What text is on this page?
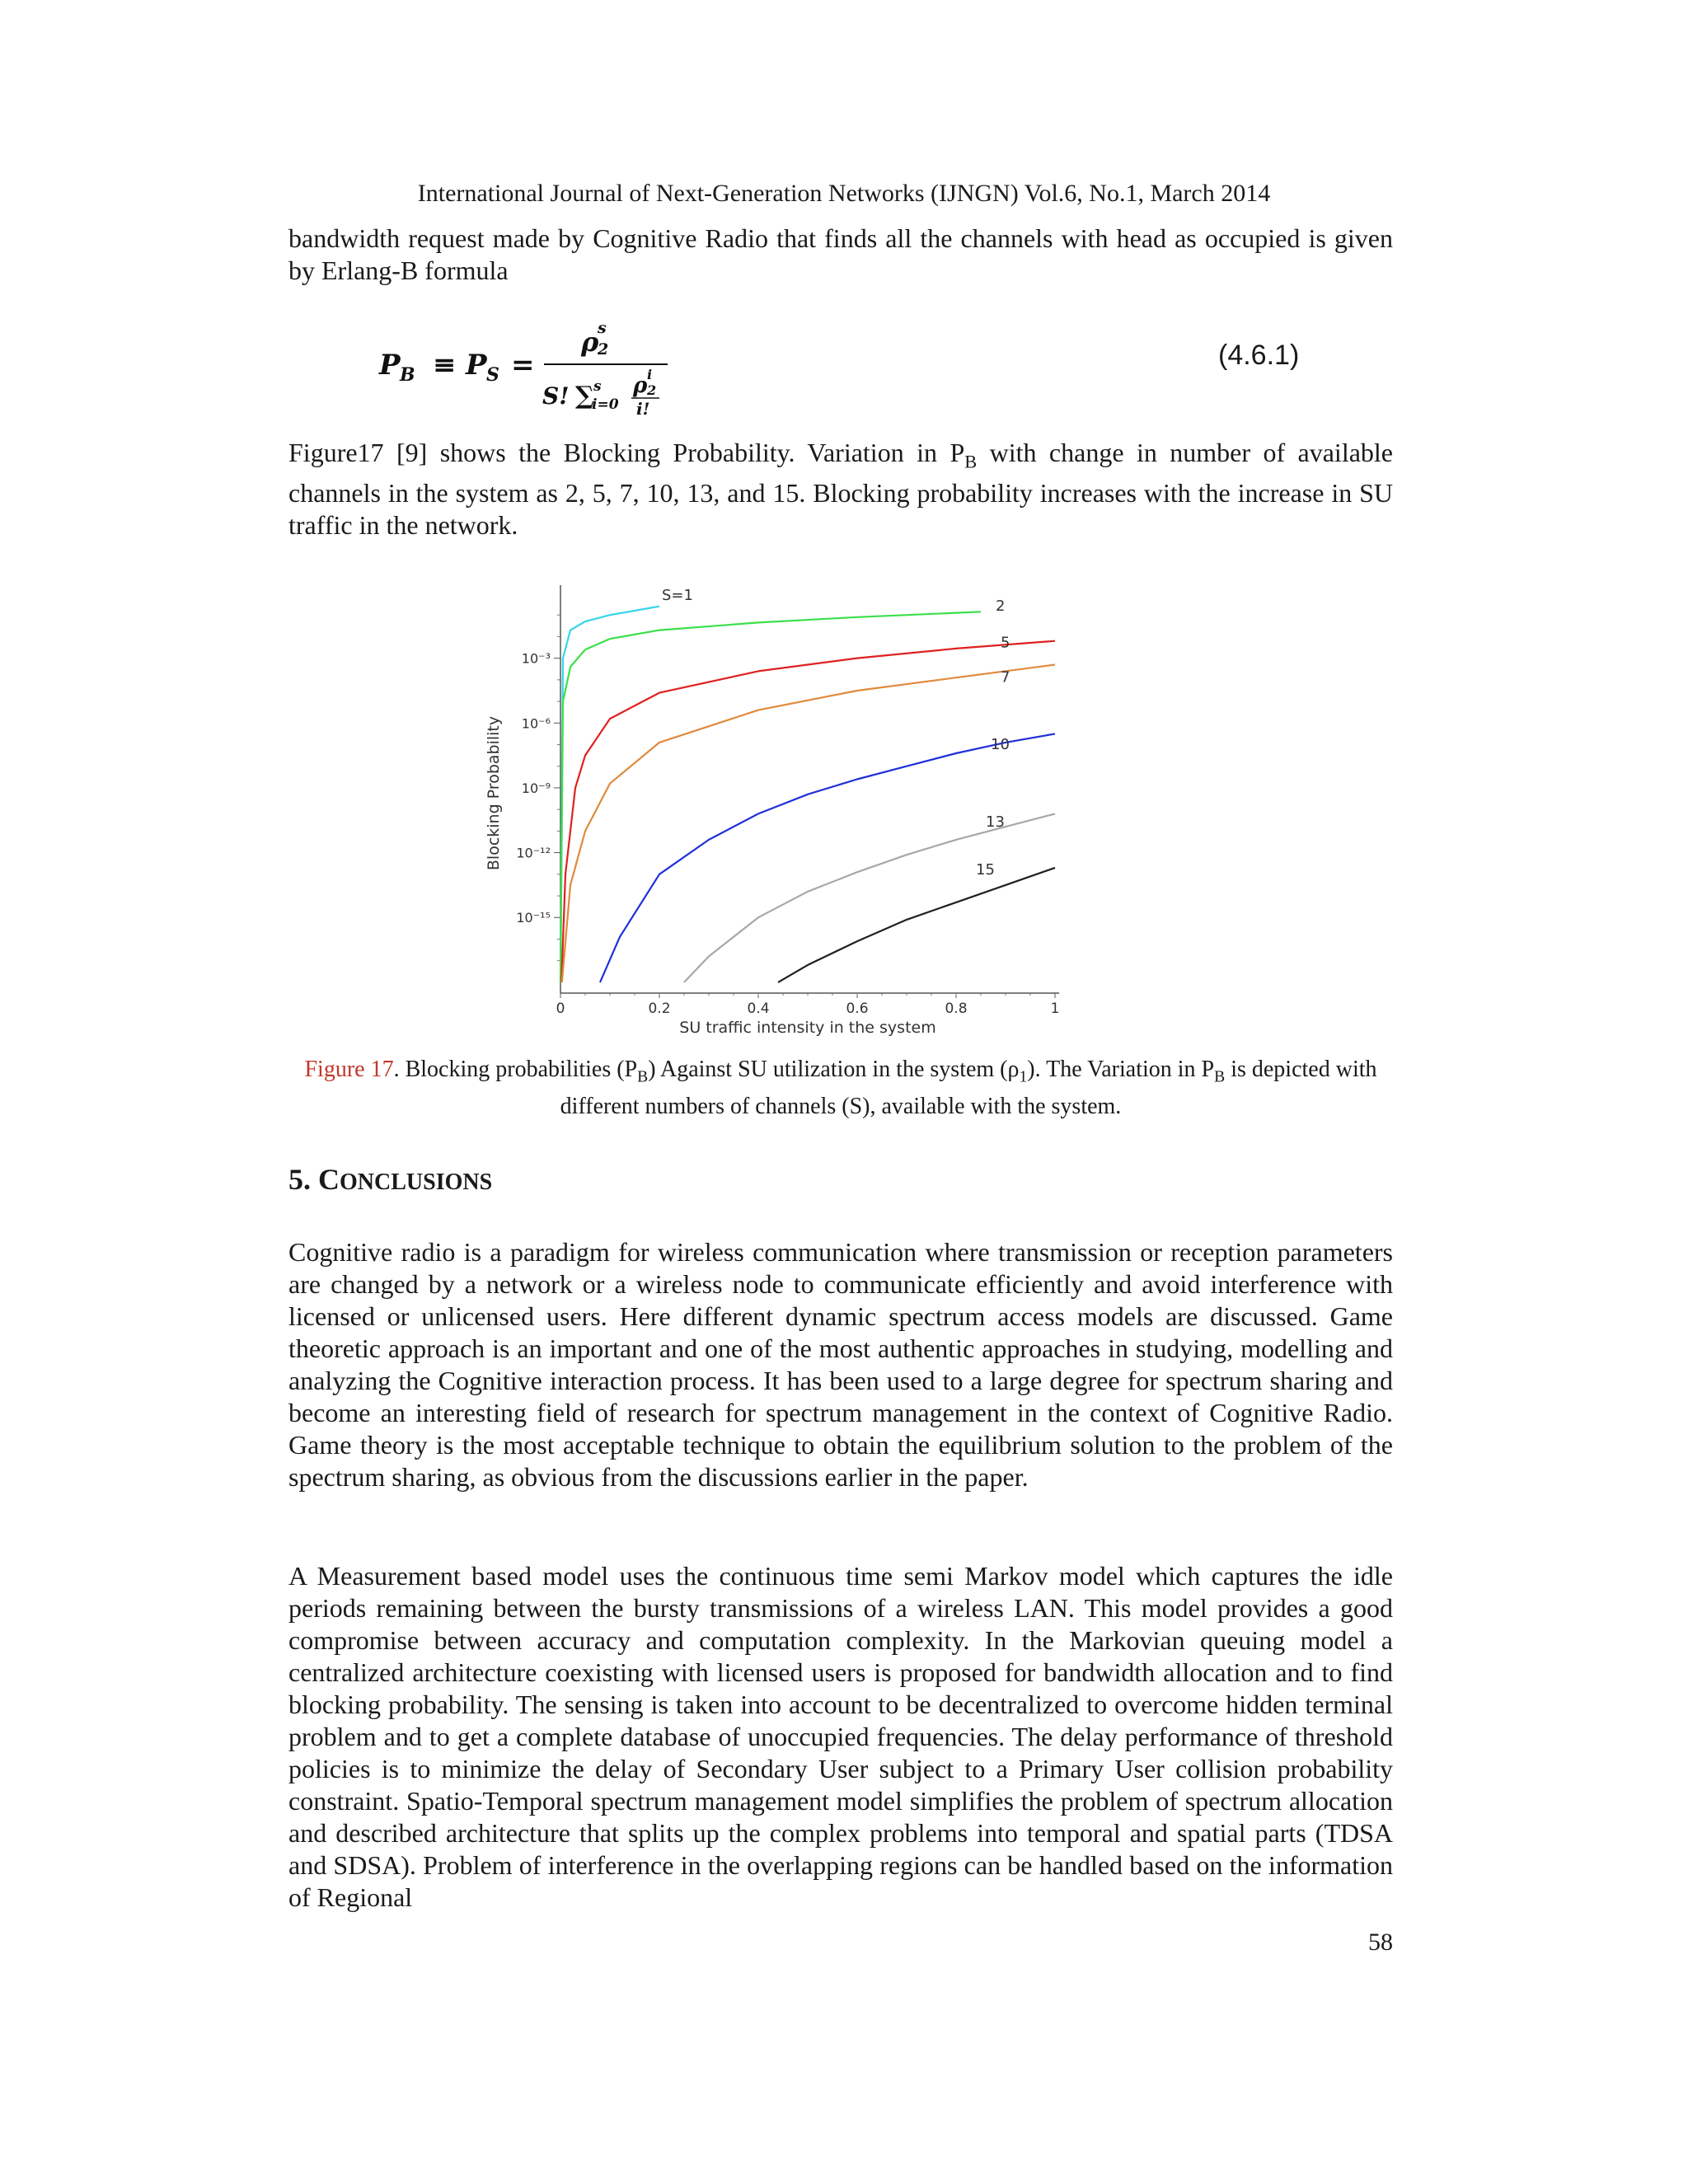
International Journal of Next-Generation Networks (IJNGN) Vol.6, No.1, March 2014
bandwidth request made by Cognitive Radio that finds all the channels with head as occupied is given by Erlang-B formula
P B ≡ P S =
ρ
s
2
S! ∑ s
i=0
ρ i
2
i!
(4.6.1)
Figure17 [9] shows the Blocking Probability. Variation in $P_B$ with change in number of available channels in the system as 2, 5, 7, 10, 13, and 15. Blocking probability increases with the increase in SU traffic in the network.
0	0.2	0.4	0.6	0.8	1
10⁻³
10⁻⁶
10⁻⁹
10⁻¹²
10⁻¹⁵
SU traffic intensity in the system
Blocking Probability
S=1
2
5
7
10
13
15
Figure 17. Blocking probabilities $(P_B)$ Against SU utilization in the system $(\rho_1)$. The Variation in $P_B$ is depicted with different numbers of channels (S), available with the system.
5. CONCLUSIONS
Cognitive radio is a paradigm for wireless communication where transmission or reception parameters are changed by a network or a wireless node to communicate efficiently and avoid interference with licensed or unlicensed users. Here different dynamic spectrum access models are discussed. Game theoretic approach is an important and one of the most authentic approaches in studying, modelling and analyzing the Cognitive interaction process. It has been used to a large degree for spectrum sharing and become an interesting field of research for spectrum management in the context of Cognitive Radio. Game theory is the most acceptable technique to obtain the equilibrium solution to the problem of the spectrum sharing, as obvious from the discussions earlier in the paper.
A Measurement based model uses the continuous time semi Markov model which captures the idle periods remaining between the bursty transmissions of a wireless LAN. This model provides a good compromise between accuracy and computation complexity. In the Markovian queuing model a centralized architecture coexisting with licensed users is proposed for bandwidth allocation and to find blocking probability. The sensing is taken into account to be decentralized to overcome hidden terminal problem and to get a complete database of unoccupied frequencies. The delay performance of threshold policies is to minimize the delay of Secondary User subject to a Primary User collision probability constraint. Spatio-Temporal spectrum management model simplifies the problem of spectrum allocation and described architecture that splits up the complex problems into temporal and spatial parts (TDSA and SDSA). Problem of interference in the overlapping regions can be handled based on the information of Regional
58
